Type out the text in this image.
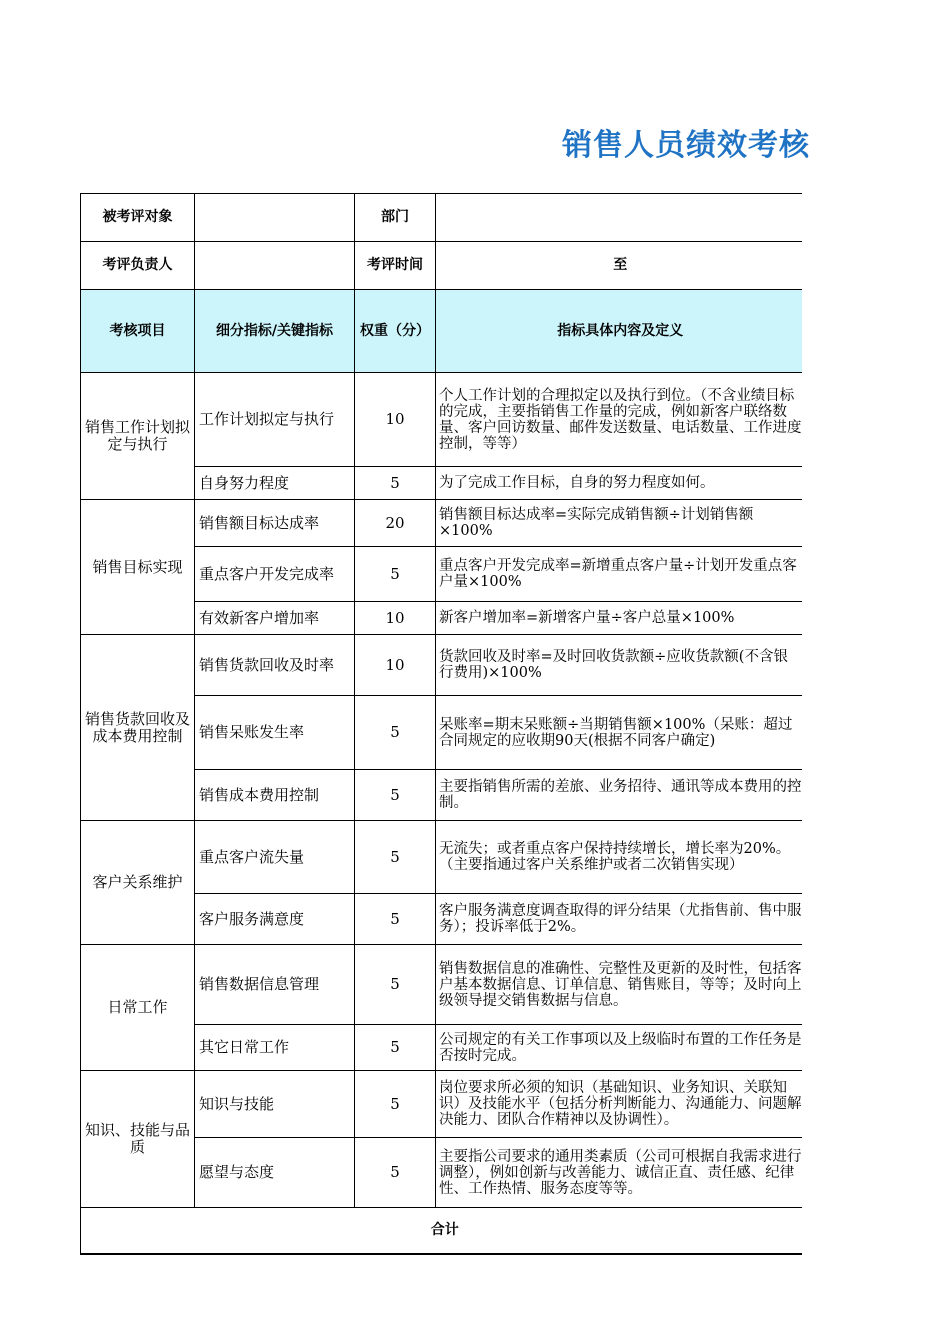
销售人员绩效考核
被考评对象		部门	
考评负责人		考评时间	至
考核项目	细分指标/关键指标	权重（分）	指标具体内容及定义
销售工作计划拟定与执行	工作计划拟定与执行	10	个人工作计划的合理拟定以及执行到位。（不含业绩目标的完成，主要指销售工作量的完成，例如新客户联络数量、客户回访数量、邮件发送数量、电话数量、工作进度控制，等等）
	自身努力程度	5	为了完成工作目标，自身的努力程度如何。
销售目标实现	销售额目标达成率	20	销售额目标达成率=实际完成销售额÷计划销售额×100%
	重点客户开发完成率	5	重点客户开发完成率=新增重点客户量÷计划开发重点客户量×100%
	有效新客户增加率	10	新客户增加率=新增客户量÷客户总量×100%
销售货款回收及成本费用控制	销售货款回收及时率	10	货款回收及时率=及时回收货款额÷应收货款额(不含银行费用)×100%
	销售呆账发生率	5	呆账率=期末呆账额÷当期销售额×100%（呆账：超过合同规定的应收期90天(根据不同客户确定)
	销售成本费用控制	5	主要指销售所需的差旅、业务招待、通讯等成本费用的控制。
客户关系维护	重点客户流失量	5	无流失；或者重点客户保持持续增长，增长率为20%。（主要指通过客户关系维护或者二次销售实现）
	客户服务满意度	5	客户服务满意度调查取得的评分结果（尤指售前、售中服务）；投诉率低于2%。
日常工作	销售数据信息管理	5	销售数据信息的准确性、完整性及更新的及时性，包括客户基本数据信息、订单信息、销售账目，等等；及时向上级领导提交销售数据与信息。
	其它日常工作	5	公司规定的有关工作事项以及上级临时布置的工作任务是否按时完成。
知识、技能与品质	知识与技能	5	岗位要求所必须的知识（基础知识、业务知识、关联知识）及技能水平（包括分析判断能力、沟通能力、问题解决能力、团队合作精神以及协调性）。
	愿望与态度	5	主要指公司要求的通用类素质（公司可根据自我需求进行调整），例如创新与改善能力、诚信正直、责任感、纪律性、工作热情、服务态度等等。
合计			
